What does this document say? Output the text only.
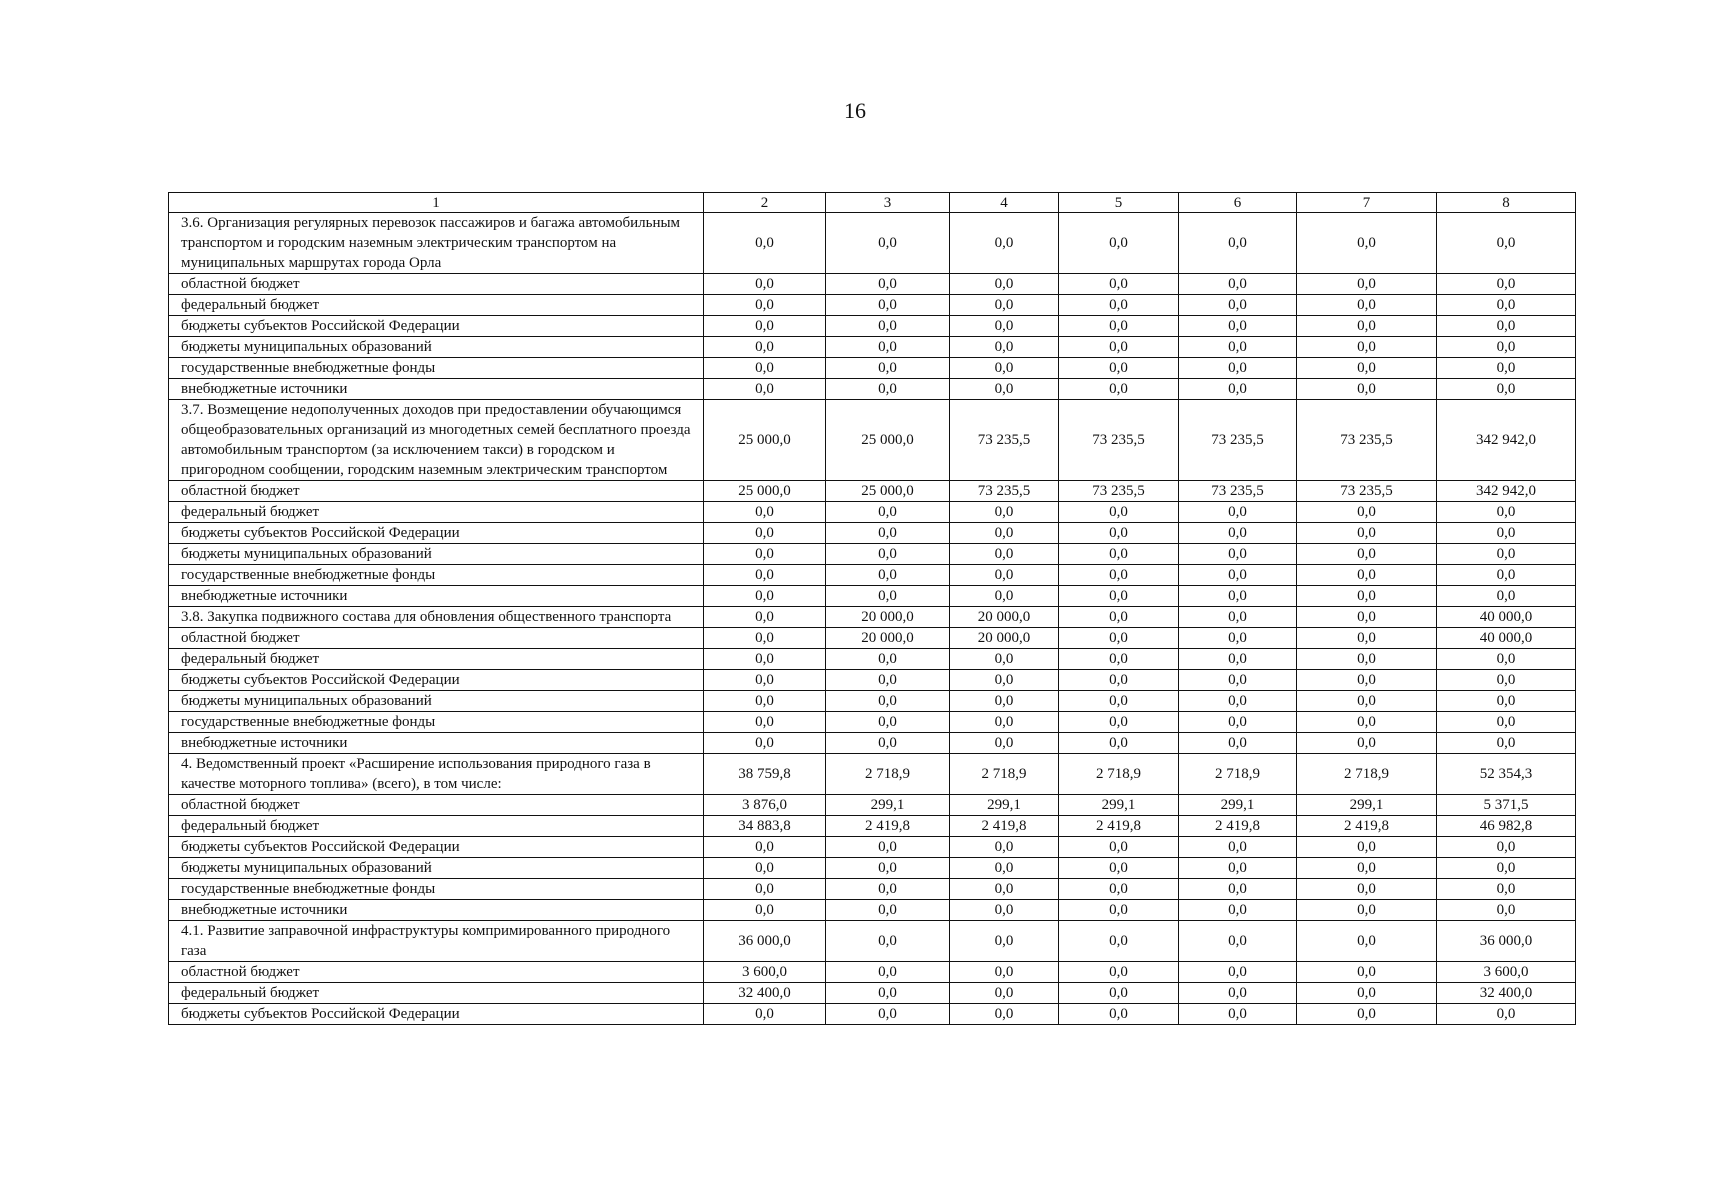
16
1	2	3	4	5	6	7	8
3.6. Организация регулярных перевозок пассажиров и багажа автомобильным транспортом и городским наземным электрическим транспортом на муниципальных маршрутах города Орла	0,0	0,0	0,0	0,0	0,0	0,0	0,0
областной бюджет	0,0	0,0	0,0	0,0	0,0	0,0	0,0
федеральный бюджет	0,0	0,0	0,0	0,0	0,0	0,0	0,0
бюджеты субъектов Российской Федерации	0,0	0,0	0,0	0,0	0,0	0,0	0,0
бюджеты муниципальных образований	0,0	0,0	0,0	0,0	0,0	0,0	0,0
государственные внебюджетные фонды	0,0	0,0	0,0	0,0	0,0	0,0	0,0
внебюджетные источники	0,0	0,0	0,0	0,0	0,0	0,0	0,0
3.7. Возмещение недополученных доходов при предоставлении обучающимся общеобразовательных организаций из многодетных семей бесплатного проезда автомобильным транспортом (за исключением такси) в городском и пригородном сообщении, городским наземным электрическим транспортом	25 000,0	25 000,0	73 235,5	73 235,5	73 235,5	73 235,5	342 942,0
областной бюджет	25 000,0	25 000,0	73 235,5	73 235,5	73 235,5	73 235,5	342 942,0
федеральный бюджет	0,0	0,0	0,0	0,0	0,0	0,0	0,0
бюджеты субъектов Российской Федерации	0,0	0,0	0,0	0,0	0,0	0,0	0,0
бюджеты муниципальных образований	0,0	0,0	0,0	0,0	0,0	0,0	0,0
государственные внебюджетные фонды	0,0	0,0	0,0	0,0	0,0	0,0	0,0
внебюджетные источники	0,0	0,0	0,0	0,0	0,0	0,0	0,0
3.8. Закупка подвижного состава для обновления общественного транспорта	0,0	20 000,0	20 000,0	0,0	0,0	0,0	40 000,0
областной бюджет	0,0	20 000,0	20 000,0	0,0	0,0	0,0	40 000,0
федеральный бюджет	0,0	0,0	0,0	0,0	0,0	0,0	0,0
бюджеты субъектов Российской Федерации	0,0	0,0	0,0	0,0	0,0	0,0	0,0
бюджеты муниципальных образований	0,0	0,0	0,0	0,0	0,0	0,0	0,0
государственные внебюджетные фонды	0,0	0,0	0,0	0,0	0,0	0,0	0,0
внебюджетные источники	0,0	0,0	0,0	0,0	0,0	0,0	0,0
4. Ведомственный проект «Расширение использования природного газа в качестве моторного топлива» (всего), в том числе:	38 759,8	2 718,9	2 718,9	2 718,9	2 718,9	2 718,9	52 354,3
областной бюджет	3 876,0	299,1	299,1	299,1	299,1	299,1	5 371,5
федеральный бюджет	34 883,8	2 419,8	2 419,8	2 419,8	2 419,8	2 419,8	46 982,8
бюджеты субъектов Российской Федерации	0,0	0,0	0,0	0,0	0,0	0,0	0,0
бюджеты муниципальных образований	0,0	0,0	0,0	0,0	0,0	0,0	0,0
государственные внебюджетные фонды	0,0	0,0	0,0	0,0	0,0	0,0	0,0
внебюджетные источники	0,0	0,0	0,0	0,0	0,0	0,0	0,0
4.1. Развитие заправочной инфраструктуры компримированного природного газа	36 000,0	0,0	0,0	0,0	0,0	0,0	36 000,0
областной бюджет	3 600,0	0,0	0,0	0,0	0,0	0,0	3 600,0
федеральный бюджет	32 400,0	0,0	0,0	0,0	0,0	0,0	32 400,0
бюджеты субъектов Российской Федерации	0,0	0,0	0,0	0,0	0,0	0,0	0,0
